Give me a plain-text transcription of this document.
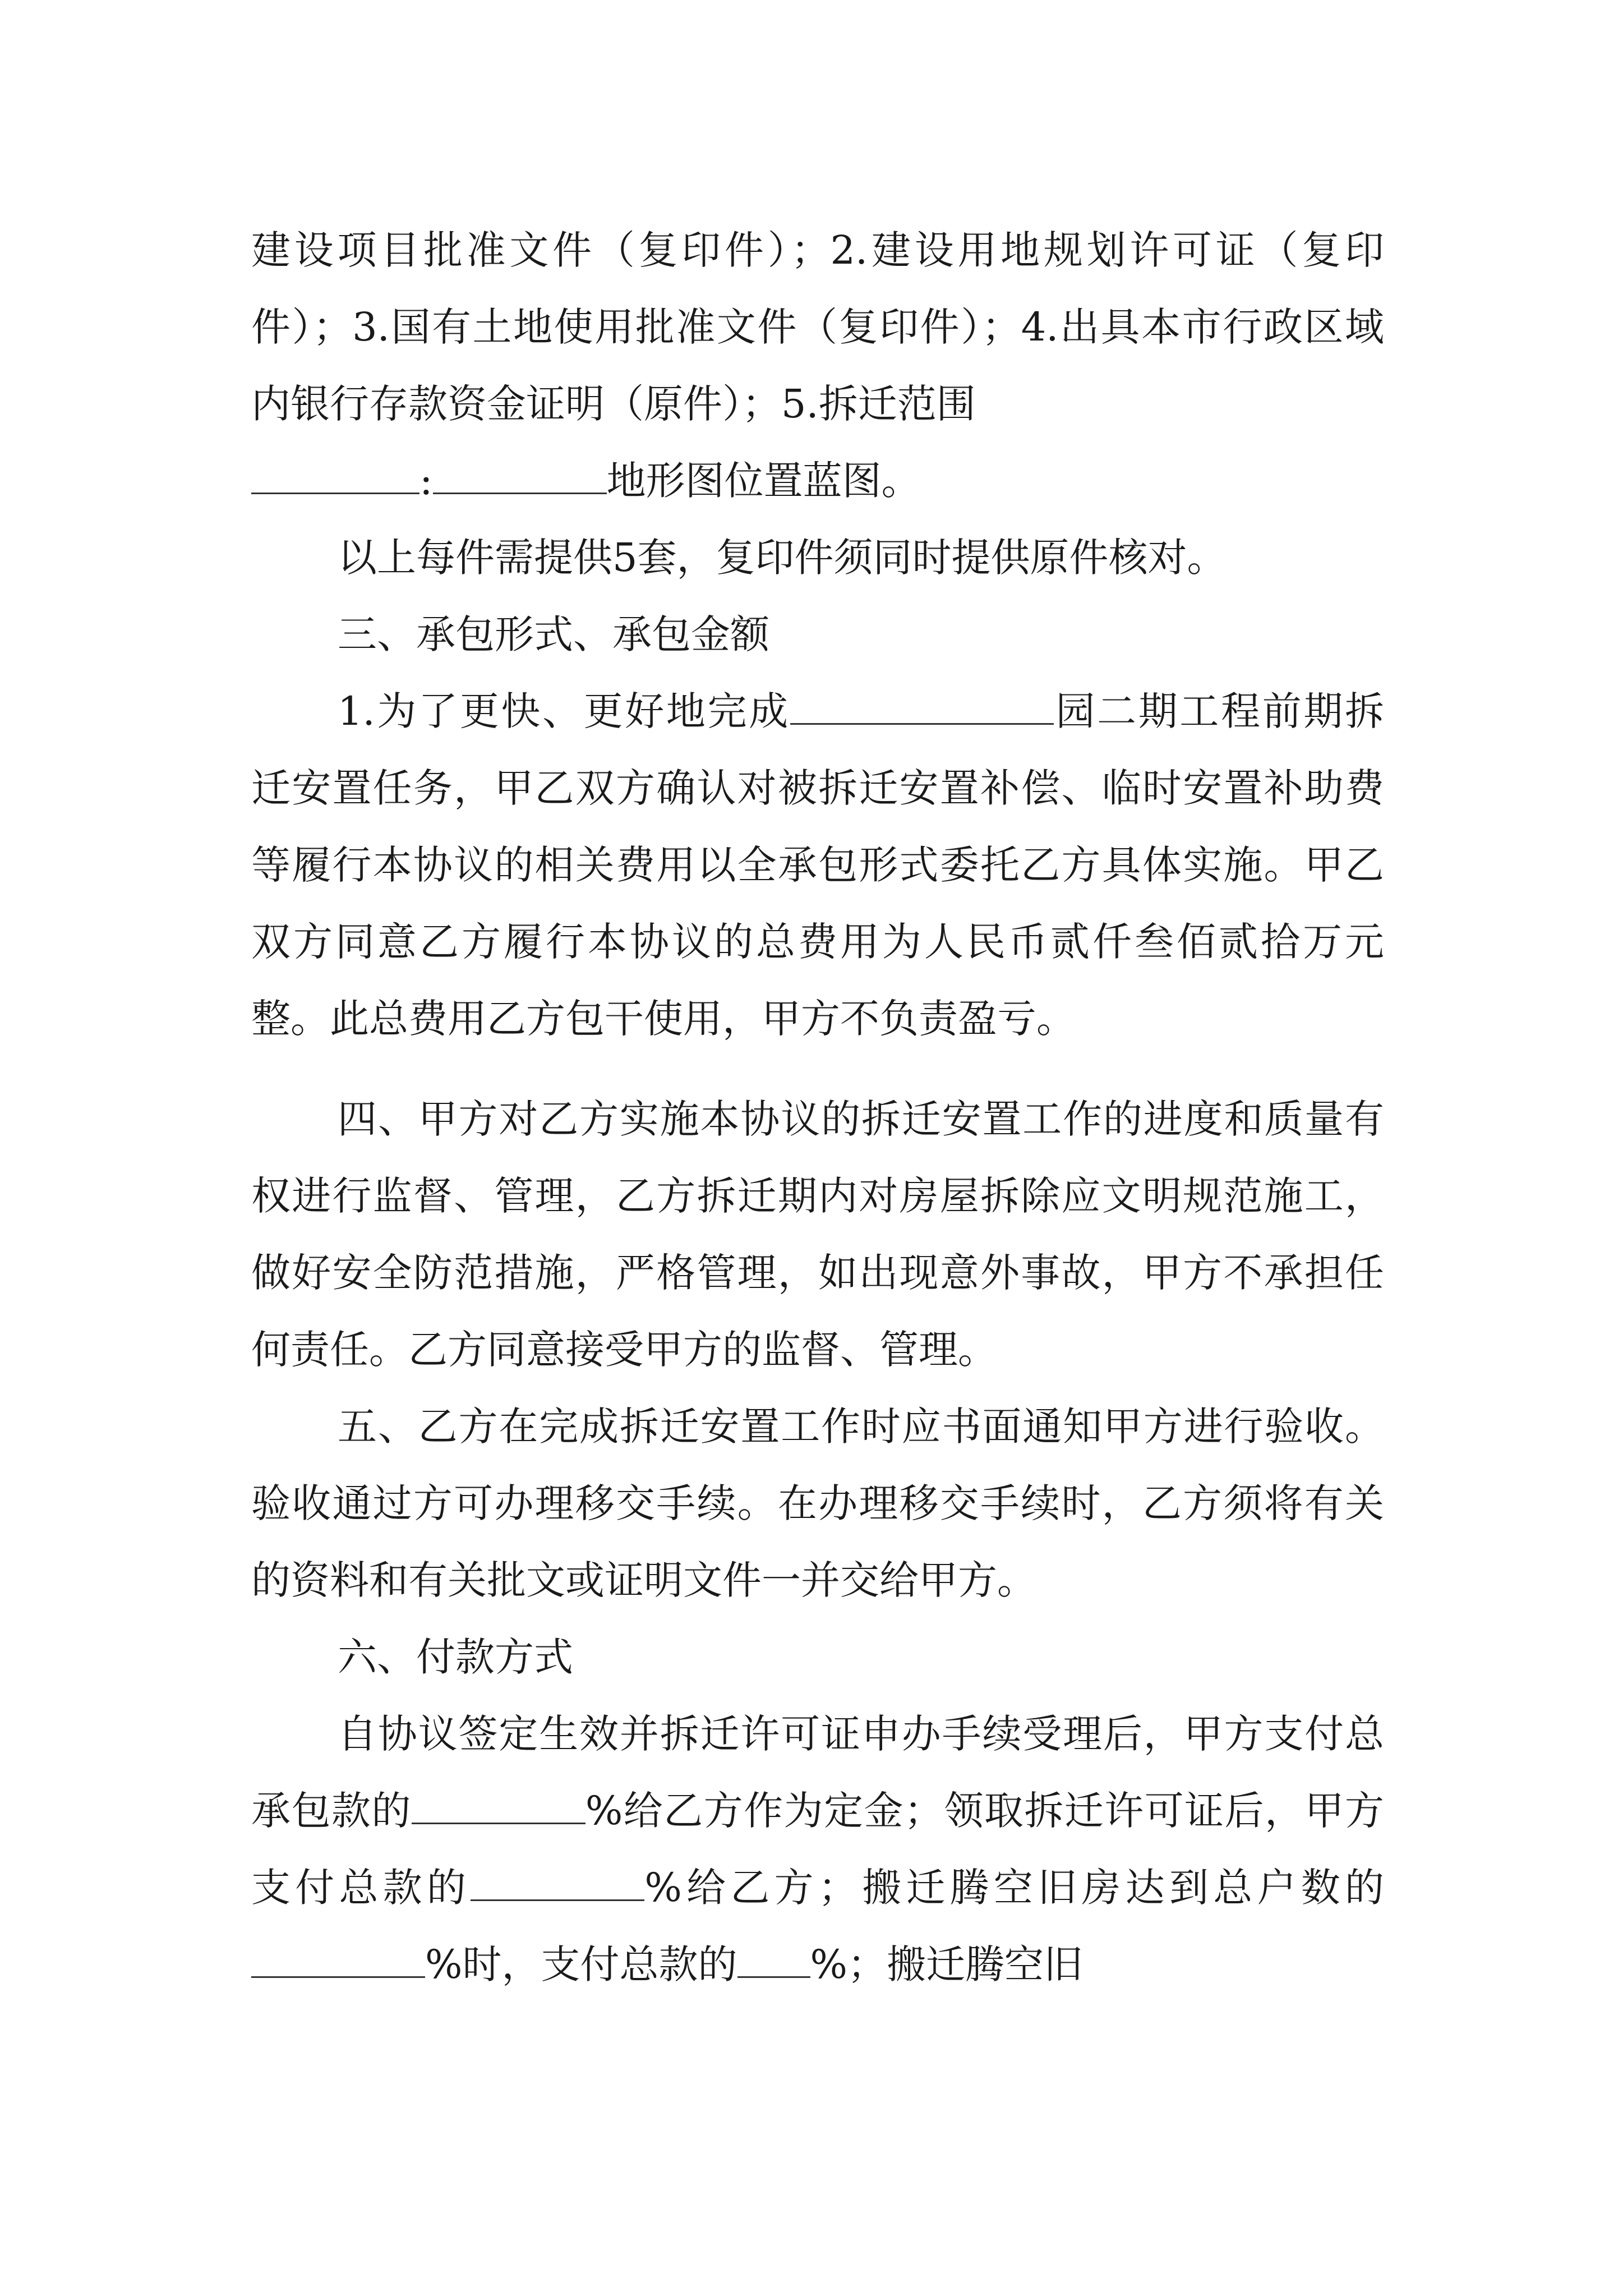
建设项目批准文件（复印件）；2.建设用地规划许可证（复印件）；3.国有土地使用批准文件（复印件）；4.出具本市行政区域内银行存款资金证明（原件）；5.拆迁范围
:	地形图位置蓝图。

以上每件需提供5套，复印件须同时提供原件核对。

三、承包形式、承包金额

1.为了更快、更好地完成	园二期工程前期拆迁安置任务，甲乙双方确认对被拆迁安置补偿、临时安置补助费等履行本协议的相关费用以全承包形式委托乙方具体实施。甲乙双方同意乙方履行本协议的总费用为人民币贰仟叁佰贰拾万元整。此总费用乙方包干使用，甲方不负责盈亏。

四、甲方对乙方实施本协议的拆迁安置工作的进度和质量有权进行监督、管理，乙方拆迁期内对房屋拆除应文明规范施工，做好安全防范措施，严格管理，如出现意外事故，甲方不承担任何责任。乙方同意接受甲方的监督、管理。

五、乙方在完成拆迁安置工作时应书面通知甲方进行验收。验收通过方可办理移交手续。在办理移交手续时，乙方须将有关的资料和有关批文或证明文件一并交给甲方。

六、付款方式

自协议签定生效并拆迁许可证申办手续受理后，甲方支付总承包款的	%给乙方作为定金；领取拆迁许可证后，甲方支付总款的	%给乙方；搬迁腾空旧房达到总户数的%时，支付总款的 %；搬迁腾空旧
